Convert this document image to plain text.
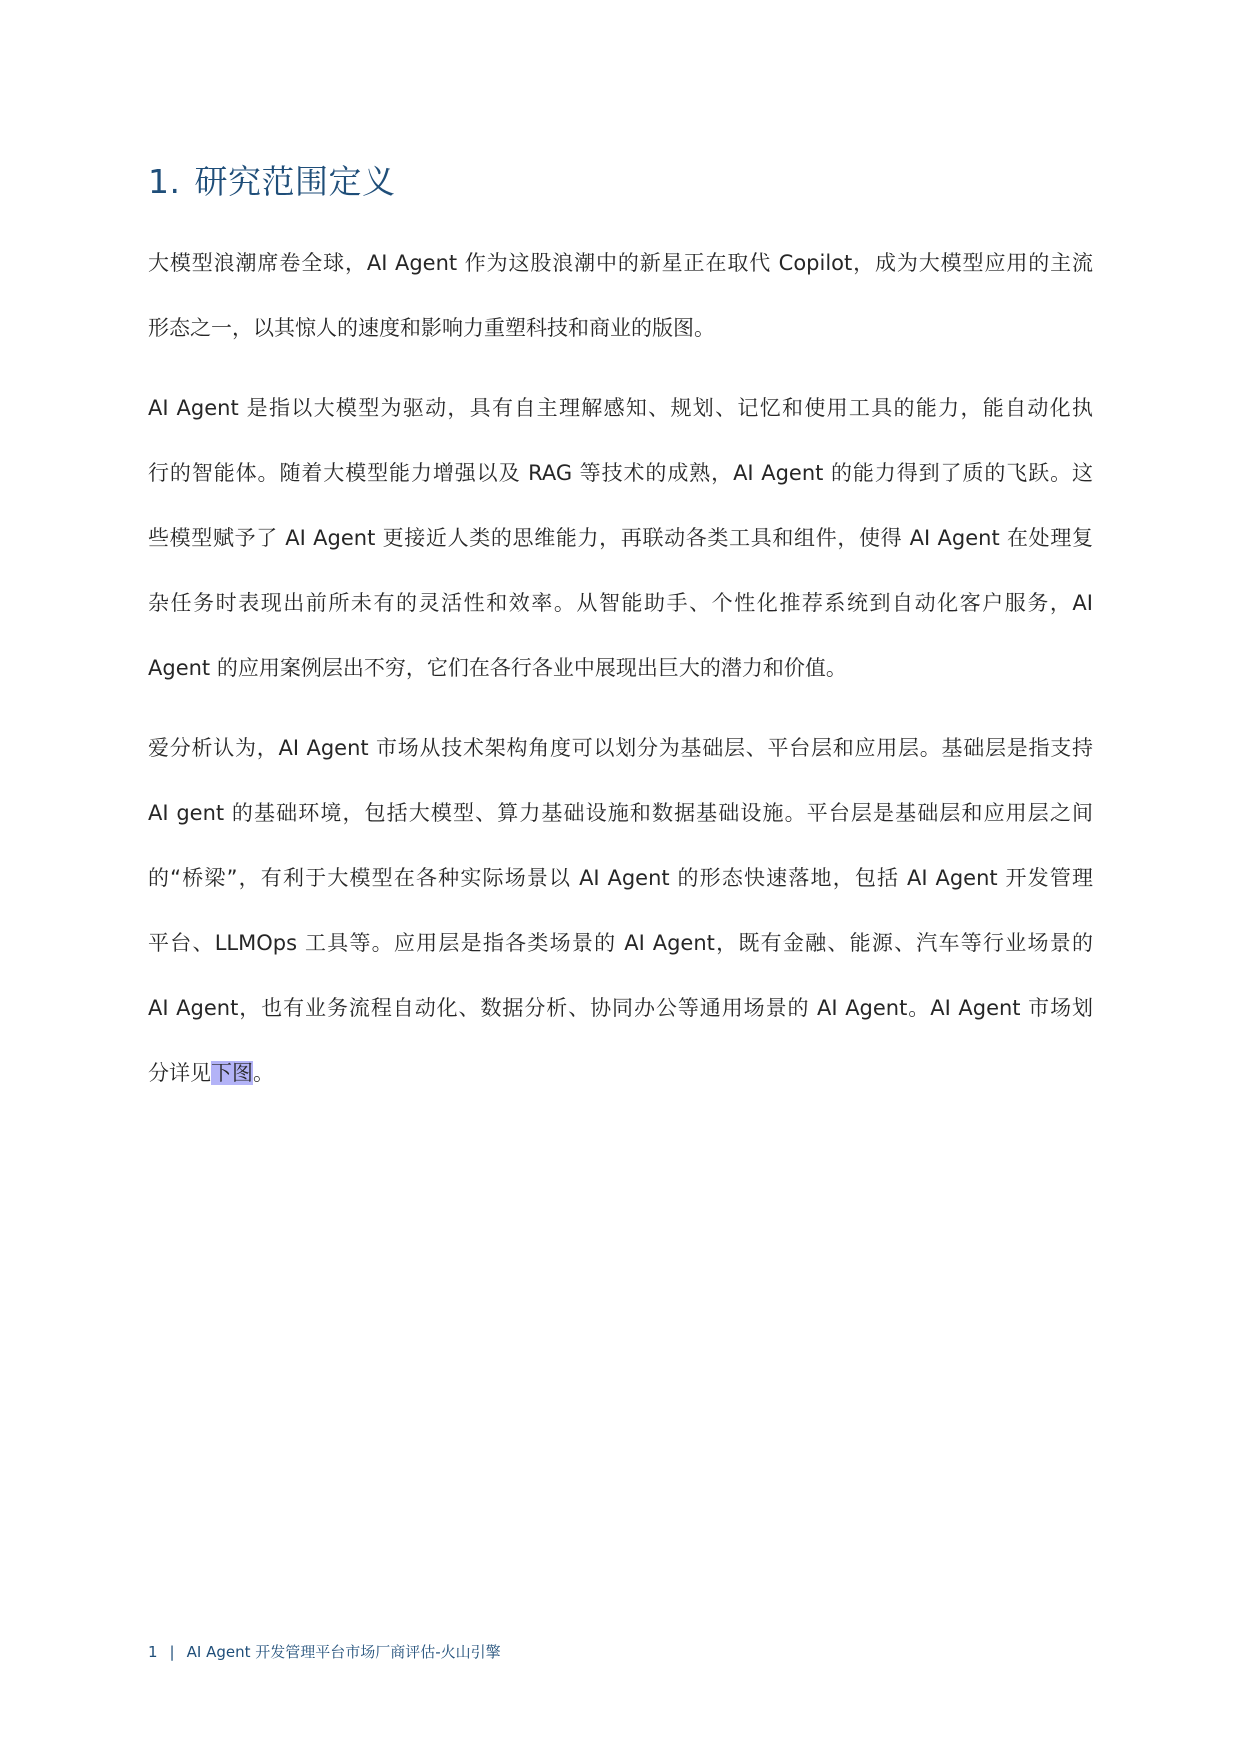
1. 研究范围定义
大模型浪潮席卷全球，AI Agent 作为这股浪潮中的新星正在取代 Copilot，成为大模型应用的主流
形态之一，以其惊人的速度和影响力重塑科技和商业的版图。
AI Agent 是指以大模型为驱动，具有自主理解感知、规划、记忆和使用工具的能力，能自动化执
行的智能体。随着大模型能力增强以及 RAG 等技术的成熟，AI Agent 的能力得到了质的飞跃。这
些模型赋予了 AI Agent 更接近人类的思维能力，再联动各类工具和组件，使得 AI Agent 在处理复
杂任务时表现出前所未有的灵活性和效率。从智能助手、个性化推荐系统到自动化客户服务，AI
Agent 的应用案例层出不穷，它们在各行各业中展现出巨大的潜力和价值。
爱分析认为，AI Agent 市场从技术架构角度可以划分为基础层、平台层和应用层。基础层是指支持
AI gent 的基础环境，包括大模型、算力基础设施和数据基础设施。平台层是基础层和应用层之间
的“桥梁”，有利于大模型在各种实际场景以 AI Agent 的形态快速落地，包括 AI Agent 开发管理
平台、LLMOps 工具等。应用层是指各类场景的 AI Agent，既有金融、能源、汽车等行业场景的
AI Agent，也有业务流程自动化、数据分析、协同办公等通用场景的 AI Agent。AI Agent 市场划
分详见下图。
1 | AI Agent 开发管理平台市场厂商评估-火山引擎
